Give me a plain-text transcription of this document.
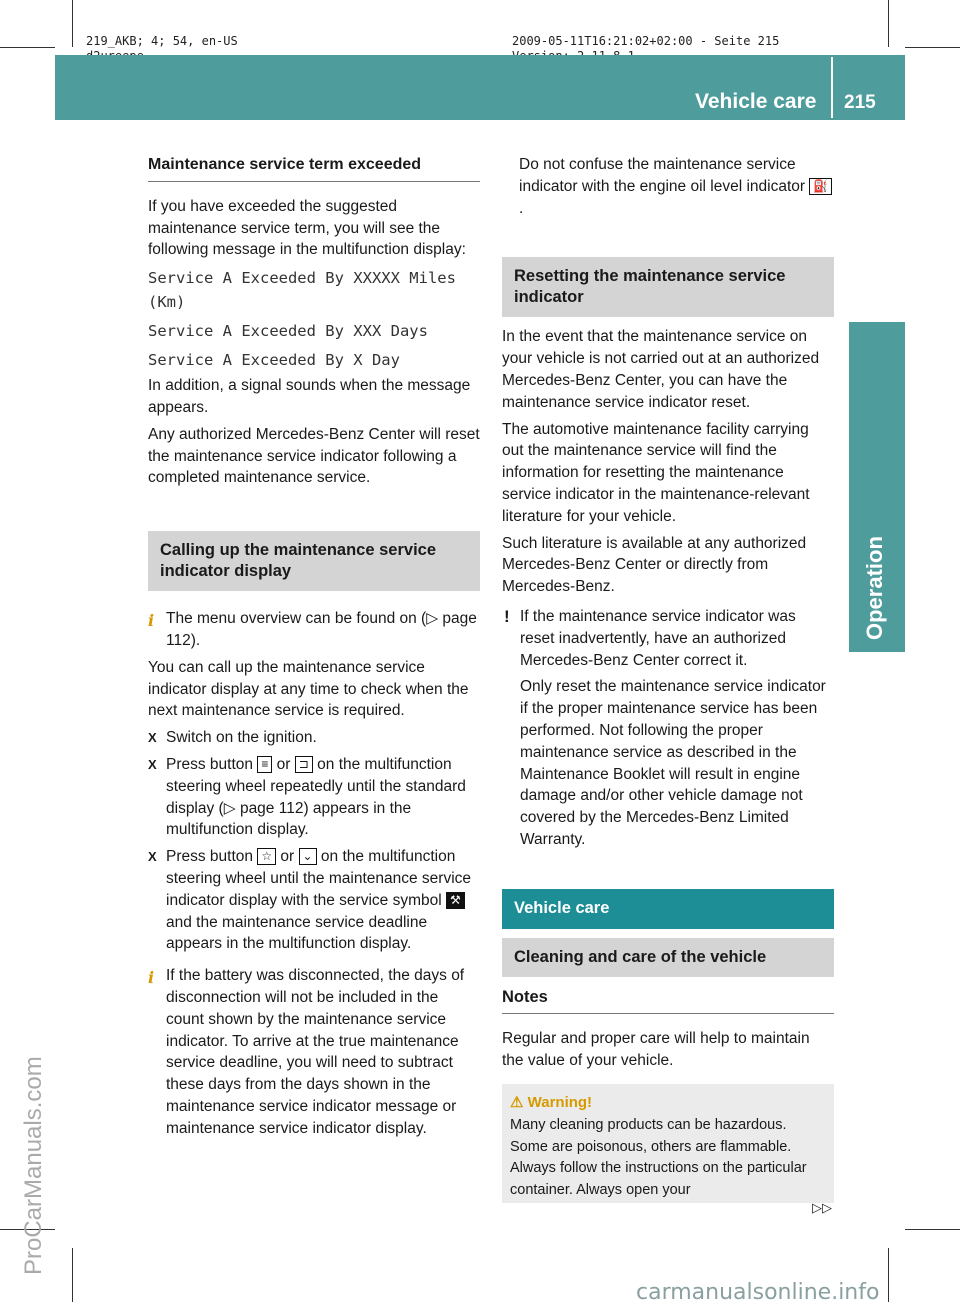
219_AKB; 4; 54, en-US	2009-05-11T16:21:02+02:00 - Seite 215

Vehicle care 215
Operation
ProCarManuals.com
Maintenance service term exceeded

If you have exceeded the suggested maintenance service term, you will see the following message in the multifunction display:

Service A Exceeded By XXXXX Miles (Km)

Service A Exceeded By XXX Days

Service A Exceeded By X Day

In addition, a signal sounds when the message appears.

Any authorized Mercedes-Benz Center will reset the maintenance service indicator following a completed maintenance service.

Calling up the maintenance service indicator display
i The menu overview can be found on (▷ page 112).

You can call up the maintenance service indicator display at any time to check when the next maintenance service is required.

X Switch on the ignition.
X Press button ≡ or ⊐ on the multifunction steering wheel repeatedly until the standard display (▷ page 112) appears in the multifunction display.
X Press button ☆ or ⌄ on the multifunction steering wheel until the maintenance service indicator display with the service symbol ⚒ and the maintenance service deadline appears in the multifunction display.
i If the battery was disconnected, the days of disconnection will not be included in the count shown by the maintenance service indicator. To arrive at the true maintenance service deadline, you will need to subtract these days from the days shown in the maintenance service indicator message or maintenance service indicator display.

Do not confuse the maintenance service indicator with the engine oil level indicator ⛽.

Resetting the maintenance service indicator

In the event that the maintenance service on your vehicle is not carried out at an authorized Mercedes-Benz Center, you can have the maintenance service indicator reset.

The automotive maintenance facility carrying out the maintenance service will find the information for resetting the maintenance service indicator in the maintenance-relevant literature for your vehicle.

Such literature is available at any authorized Mercedes-Benz Center or directly from Mercedes-Benz.

! If the maintenance service indicator was reset inadvertently, have an authorized Mercedes-Benz Center correct it.

Only reset the maintenance service indicator if the proper maintenance service has been performed. Not following the proper maintenance service as described in the Maintenance Booklet will result in engine damage and/or other vehicle damage not covered by the Mercedes-Benz Limited Warranty.

Vehicle care
Cleaning and care of the vehicle
Notes

Regular and proper care will help to maintain the value of your vehicle.

⚠ Warning!
Many cleaning products can be hazardous. Some are poisonous, others are flammable. Always follow the instructions on the particular container. Always open your
▷▷
carmanualsonline.info
